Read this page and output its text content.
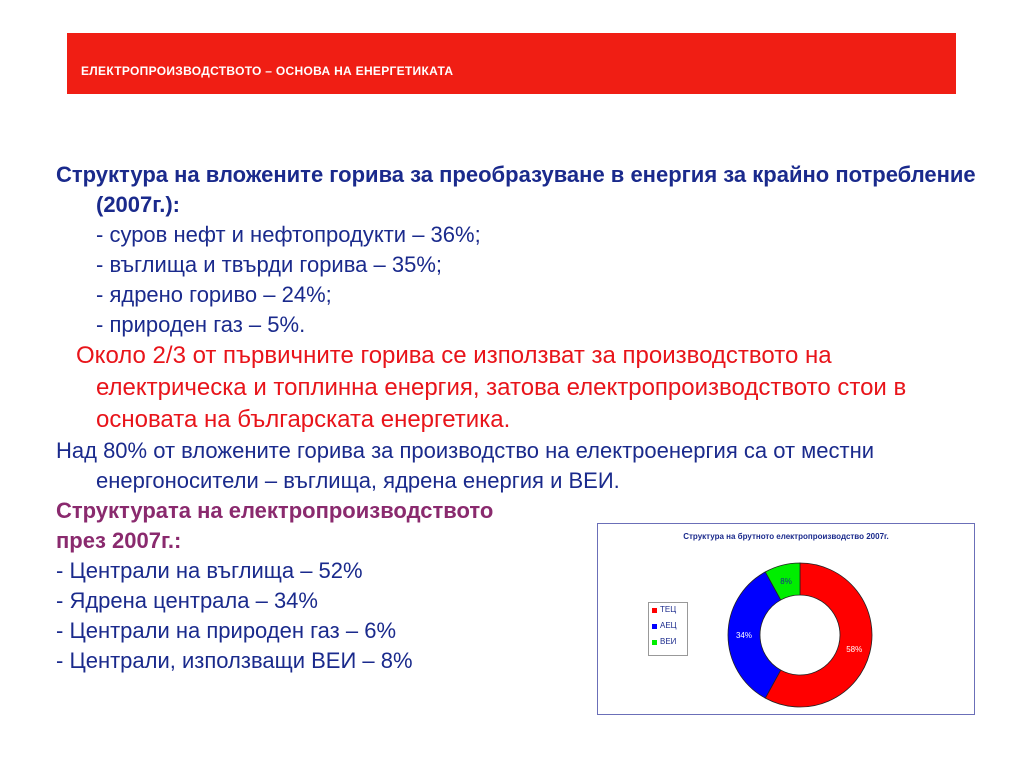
ЕЛЕКТРОПРОИЗВОДСТВОТО – ОСНОВА НА ЕНЕРГЕТИКАТА

Структура на вложените горива за преобразуване в енергия за крайно потребление (2007г.):

- суров нефт и нефтопродукти – 36%;

- въглища и твърди горива – 35%;

- ядрено гориво – 24%;

- природен газ – 5%.

Около 2/3 от първичните горива се използват за производството на електрическа и топлинна енергия, затова електропроизводството стои в основата на българската енергетика.

Над 80% от вложените горива за производство на електроенергия са от местни енергоносители – въглища, ядрена енергия и ВЕИ.

Структурата на електропроизводството

през 2007г.:

- Централи на въглища – 52%

- Ядрена централа – 34%

- Централи на природен газ – 6%

- Централи, използващи ВЕИ – 8%

Структура на брутното електропроизводство 2007г.
ТЕЦ
АЕЦ
ВЕИ
58%
34%
8%
